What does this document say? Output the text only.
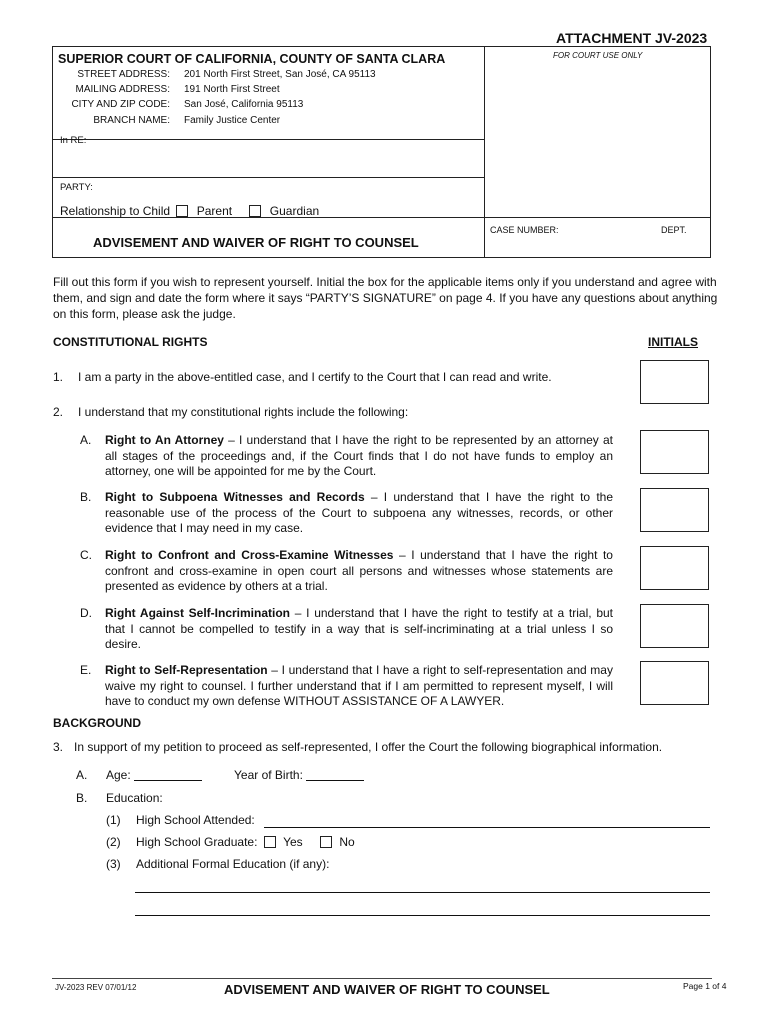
ATTACHMENT JV-2023
SUPERIOR COURT OF CALIFORNIA, COUNTY OF SANTA CLARA
STREET ADDRESS: 201 North First Street, San José, CA 95113
MAILING ADDRESS: 191 North First Street
CITY AND ZIP CODE: San José, California 95113
BRANCH NAME: Family Justice Center
In RE:
PARTY:
Relationship to Child Parent	Guardian
FOR COURT USE ONLY
ADVISEMENT AND WAIVER OF RIGHT TO COUNSEL
CASE NUMBER:	DEPT.
Fill out this form if you wish to represent yourself. Initial the box for the applicable items only if you understand and agree with them, and sign and date the form where it says “PARTY’S SIGNATURE” on page 4. If you have any questions about anything on this form, please ask the judge.
CONSTITUTIONAL RIGHTS	INITIALS
1. I am a party in the above-entitled case, and I certify to the Court that I can read and write.
2. I understand that my constitutional rights include the following:
A. Right to An Attorney – I understand that I have the right to be represented by an attorney at all stages of the proceedings and, if the Court finds that I do not have funds to employ an attorney, one will be appointed for me by the Court.
B. Right to Subpoena Witnesses and Records – I understand that I have the right to the reasonable use of the process of the Court to subpoena any witnesses, records, or other evidence that I may need in my case.
C. Right to Confront and Cross-Examine Witnesses – I understand that I have the right to confront and cross-examine in open court all persons and witnesses whose statements are presented as evidence by others at a trial.
D. Right Against Self-Incrimination – I understand that I have the right to testify at a trial, but that I cannot be compelled to testify in a way that is self-incriminating at a trial unless I so desire.
E. Right to Self-Representation – I understand that I have a right to self-representation and may waive my right to counsel. I further understand that if I am permitted to represent myself, I will have to conduct my own defense WITHOUT ASSISTANCE OF A LAWYER.
BACKGROUND
3. In support of my petition to proceed as self-represented, I offer the Court the following biographical information.
A. Age:	Year of Birth:
B. Education:
(1) High School Attended:
(2) High School Graduate: Yes	No
(3) Additional Formal Education (if any):
JV-2023 REV 07/01/12	ADVISEMENT AND WAIVER OF RIGHT TO COUNSEL	Page 1 of 4
